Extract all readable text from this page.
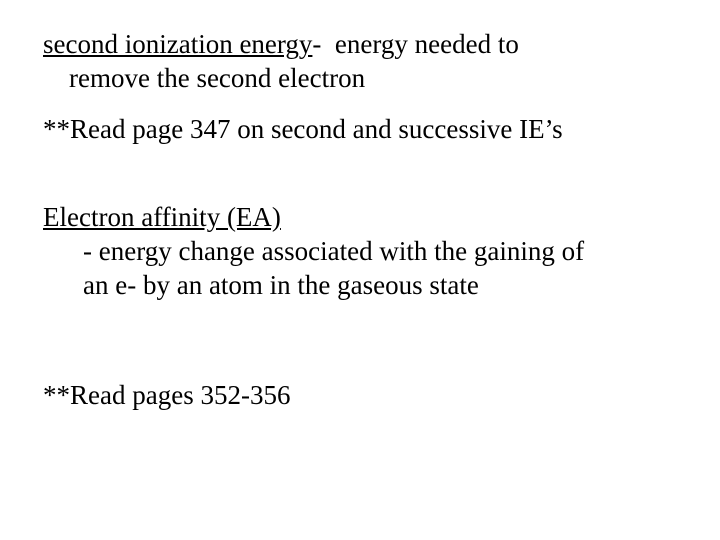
second ionization energy-  energy needed to
remove the second electron
**Read page 347 on second and successive IE’s
Electron affinity (EA)
- energy change associated with the gaining of
an e- by an atom in the gaseous state
**Read pages 352-356
